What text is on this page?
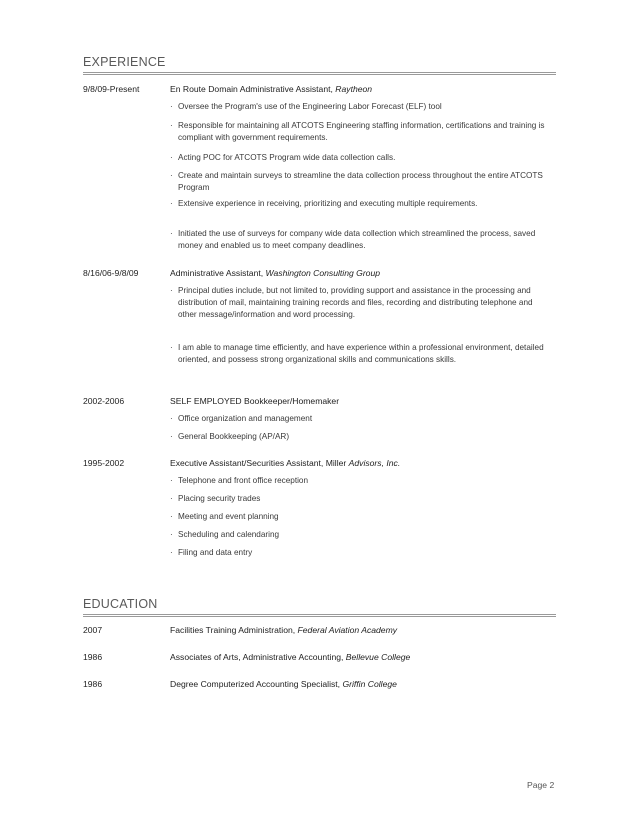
EXPERIENCE
9/8/09-Present	En Route Domain Administrative Assistant, Raytheon
· Oversee the Program's use of the Engineering Labor Forecast (ELF) tool
· Responsible for maintaining all ATCOTS Engineering staffing information, certifications and training is compliant with government requirements.
· Acting POC for ATCOTS Program wide data collection calls.
· Create and maintain surveys to streamline the data collection process throughout the entire ATCOTS Program
· Extensive experience in receiving, prioritizing and executing multiple requirements.
· Initiated the use of surveys for company wide data collection which streamlined the process, saved money and enabled us to meet company deadlines.
8/16/06-9/8/09	Administrative Assistant, Washington Consulting Group
· Principal duties include, but not limited to, providing support and assistance in the processing and distribution of mail, maintaining training records and files, recording and distributing telephone and other message/information and word processing.
· I am able to manage time efficiently, and have experience within a professional environment, detailed oriented, and possess strong organizational skills and communications skills.
2002-2006	SELF EMPLOYED Bookkeeper/Homemaker
· Office organization and management
· General Bookkeeping (AP/AR)
1995-2002	Executive Assistant/Securities Assistant, Miller Advisors, Inc.
· Telephone and front office reception
· Placing security trades
· Meeting and event planning
· Scheduling and calendaring
· Filing and data entry
EDUCATION
2007	Facilities Training Administration, Federal Aviation Academy
1986	Associates of Arts, Administrative Accounting, Bellevue College
1986	Degree Computerized Accounting Specialist, Griffin College
Page 2
